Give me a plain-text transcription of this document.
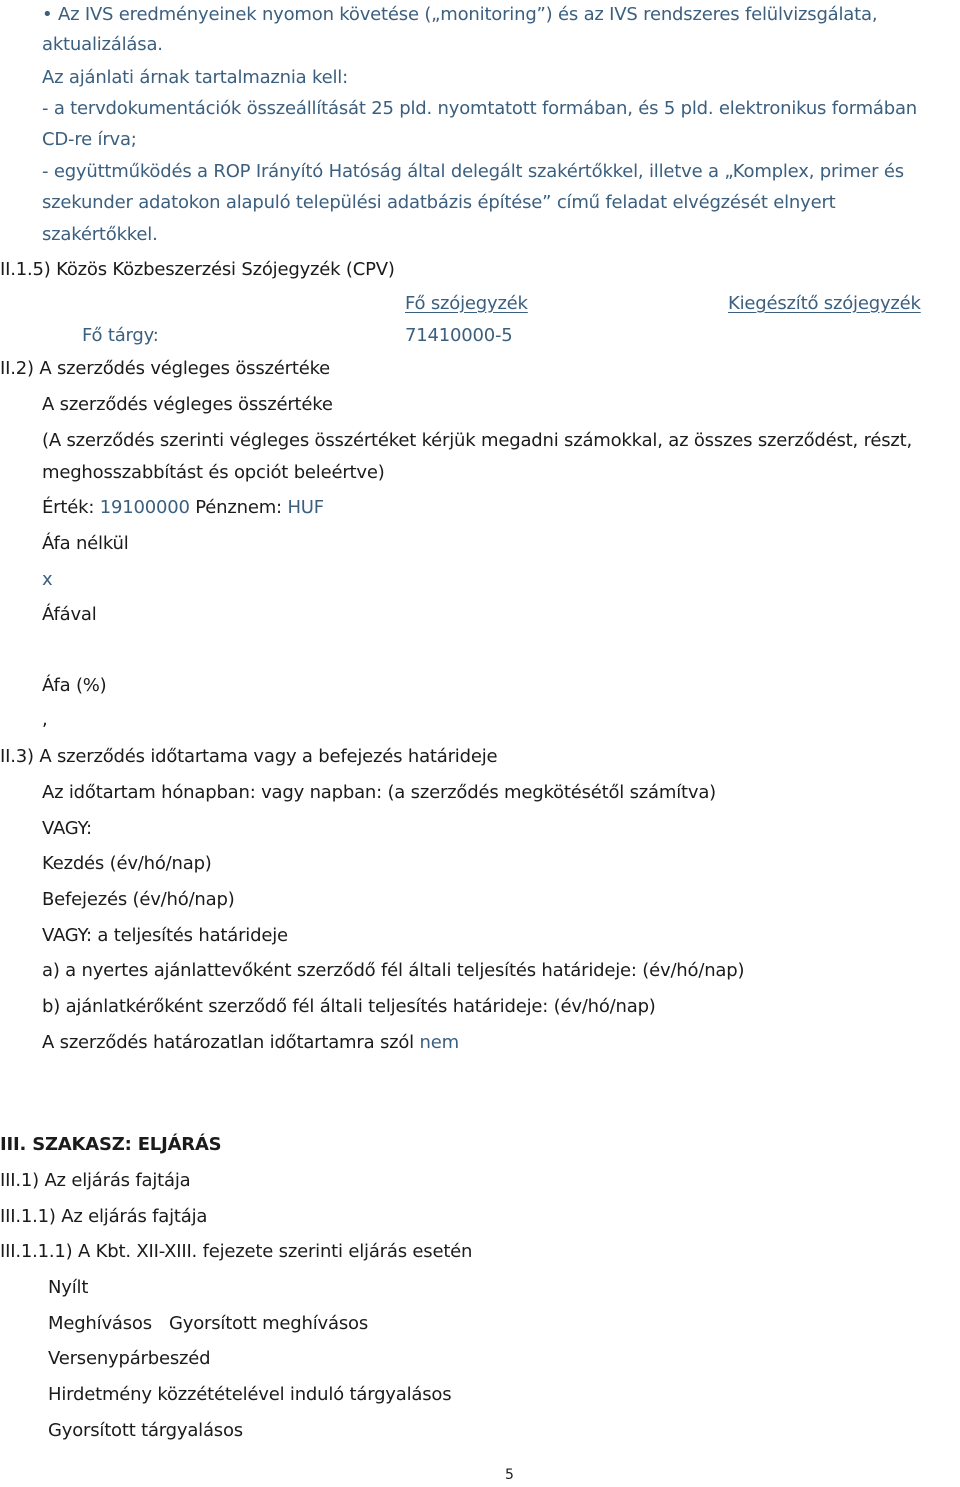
• Az IVS eredményeinek nyomon követése („monitoring”) és az IVS rendszeres felülvizsgálata,
aktualizálása.
Az ajánlati árnak tartalmaznia kell:
- a tervdokumentációk összeállítását 25 pld. nyomtatott formában, és 5 pld. elektronikus formában
CD-re írva;
- együttműködés a ROP Irányító Hatóság által delegált szakértőkkel, illetve a „Komplex, primer és
szekunder adatokon alapuló települési adatbázis építése” című feladat elvégzését elnyert
szakértőkkel.
II.1.5) Közös Közbeszerzési Szójegyzék (CPV)
Fő szójegyzék	Kiegészítő szójegyzék
Fő tárgy:	71410000-5
II.2) A szerződés végleges összértéke
A szerződés végleges összértéke
(A szerződés szerinti végleges összértéket kérjük megadni számokkal, az összes szerződést, részt,
meghosszabbítást és opciót beleértve)
Érték: 19100000 Pénznem: HUF
Áfa nélkül
x
Áfával
Áfa (%)
,
II.3) A szerződés időtartama vagy a befejezés határideje
Az időtartam hónapban: vagy napban: (a szerződés megkötésétől számítva)
VAGY:
Kezdés (év/hó/nap)
Befejezés (év/hó/nap)
VAGY: a teljesítés határideje
a) a nyertes ajánlattevőként szerződő fél általi teljesítés határideje: (év/hó/nap)
b) ajánlatkérőként szerződő fél általi teljesítés határideje: (év/hó/nap)
A szerződés határozatlan időtartamra szól nem
III. SZAKASZ: ELJÁRÁS
III.1) Az eljárás fajtája
III.1.1) Az eljárás fajtája
III.1.1.1) A Kbt. XII-XIII. fejezete szerinti eljárás esetén
Nyílt
Meghívásos Gyorsított meghívásos
Versenypárbeszéd
Hirdetmény közzétételével induló tárgyalásos
Gyorsított tárgyalásos
5
